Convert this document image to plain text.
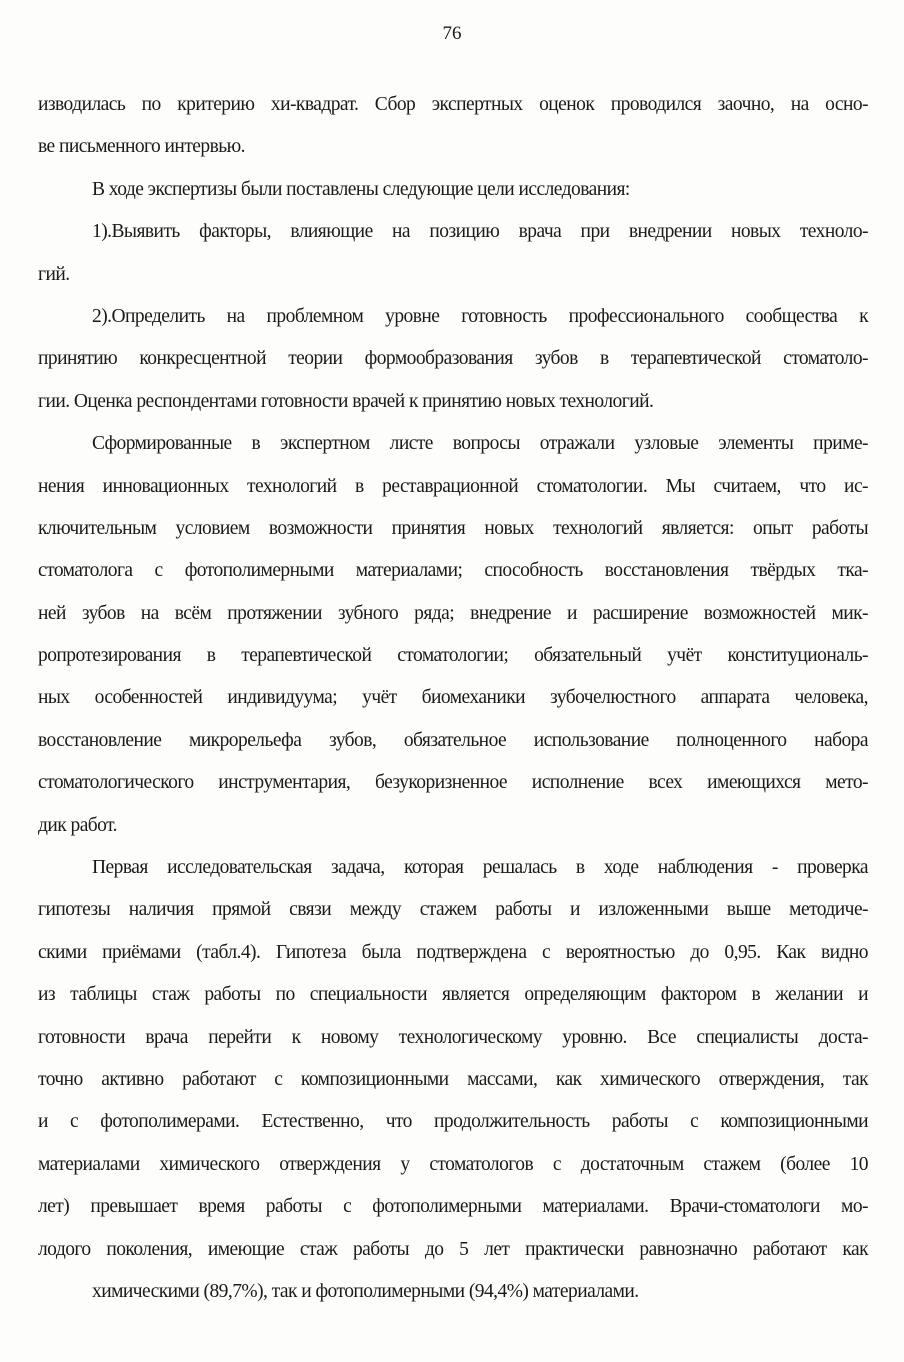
76
изводилась по критерию хи-квадрат. Сбор экспертных оценок проводился заочно, на осно-
ве письменного интервью.
В ходе экспертизы были поставлены следующие цели исследования:
1).Выявить факторы, влияющие на позицию врача при внедрении новых техноло-
гий.
2).Определить на проблемном уровне готовность профессионального сообщества к
принятию конкресцентной теории формообразования зубов в терапевтической стоматоло-
гии. Оценка респондентами готовности врачей к принятию новых технологий.
Сформированные в экспертном листе вопросы отражали узловые элементы приме-
нения инновационных технологий в реставрационной стоматологии. Мы считаем, что ис-
ключительным условием возможности принятия новых технологий является: опыт работы
стоматолога с фотополимерными материалами; способность восстановления твёрдых тка-
ней зубов на всём протяжении зубного ряда; внедрение и расширение возможностей мик-
ропротезирования в терапевтической стоматологии; обязательный учёт конституциональ-
ных особенностей индивидуума; учёт биомеханики зубочелюстного аппарата человека,
восстановление микрорельефа зубов, обязательное использование полноценного набора
стоматологического инструментария, безукоризненное исполнение всех имеющихся мето-
дик работ.
Первая исследовательская задача, которая решалась в ходе наблюдения - проверка
гипотезы наличия прямой связи между стажем работы и изложенными выше методиче-
скими приёмами (табл.4). Гипотеза была подтверждена с вероятностью до 0,95. Как видно
из таблицы стаж работы по специальности является определяющим фактором в желании и
готовности врача перейти к новому технологическому уровню. Все специалисты доста-
точно активно работают с композиционными массами, как химического отверждения, так
и с фотополимерами. Естественно, что продолжительность работы с композиционными
материалами химического отверждения у стоматологов с достаточным стажем (более 10
лет) превышает время работы с фотополимерными материалами. Врачи-стоматологи мо-
лодого поколения, имеющие стаж работы до 5 лет практически равнозначно работают как
химическими (89,7%), так и фотополимерными (94,4%) материалами.
